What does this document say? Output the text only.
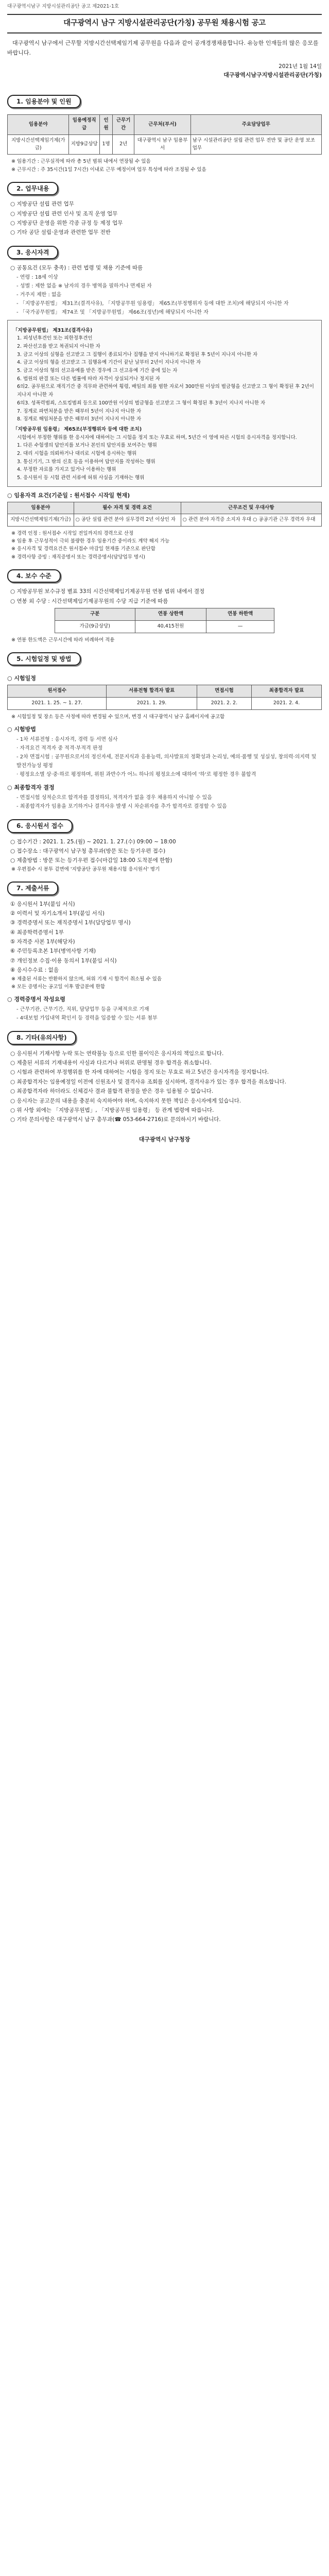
대구광역시남구 지방시설관리공단 공고 제2021-1호
대구광역시 남구 지방시설관리공단(가칭) 공무원 채용시험 공고
대구광역시 남구에서 근무할 지방시간선택제임기제 공무원을 다음과 같이 공개경쟁채용합니다. 유능한 인재들의 많은 응모를 바랍니다.
2021년 1월 14일
대구광역시남구지방시설관리공단(가칭)
1. 임용분야 및 인원
임용분야	임용예정직급	인원	근무기간	근무처(부서)	주요담당업무
지방시간선택제임기제(가급)	지방9급상당	1명	2년	대구광역시 남구 임용부서	남구 시설관리공단 설립 관련 업무 전반 및 공단 운영 보조 업무
※ 임용기간 : 근무실적에 따라 총 5년 범위 내에서 연장될 수 있음
※ 근무시간 : 주 35시간(1일 7시간) 이내로 근무 예정이며 업무 특성에 따라 조정될 수 있음
2. 업무내용
○ 지방공단 설립 관련 업무
○ 지방공단 설립 관련 인사 및 조직 운영 업무
○ 지방공단 운영을 위한 각종 규정 등 제정 업무
○ 기타 공단 설립·운영과 관련한 업무 전반
3. 응시자격
○ 공통요건 (모두 충족) : 관련 법령 및 채용 기준에 따름
- 연령 : 18세 이상
- 성별 : 제한 없음 ※ 남자의 경우 병역을 필하거나 면제된 자
- 거주지 제한 : 없음
- 「지방공무원법」 제31조(결격사유), 「지방공무원 임용령」 제65조(부정행위자 등에 대한 조치)에 해당되지 아니한 자
- 「국가공무원법」 제74조 및 「지방공무원법」 제66조(정년)에 해당되지 아니한 자
「지방공무원법」 제31조(결격사유)
1. 피성년후견인 또는 피한정후견인
2. 파산선고를 받고 복권되지 아니한 자
3. 금고 이상의 실형을 선고받고 그 집행이 종료되거나 집행을 받지 아니하기로 확정된 후 5년이 지나지 아니한 자
4. 금고 이상의 형을 선고받고 그 집행유예 기간이 끝난 날부터 2년이 지나지 아니한 자
5. 금고 이상의 형의 선고유예를 받은 경우에 그 선고유예 기간 중에 있는 자
6. 법원의 판결 또는 다른 법률에 따라 자격이 상실되거나 정지된 자
6의2. 공무원으로 재직기간 중 직무와 관련하여 횡령, 배임의 죄를 범한 자로서 300만원 이상의 벌금형을 선고받고 그 형이 확정된 후 2년이 지나지 아니한 자
6의3. 성폭력범죄, 스토킹범죄 등으로 100만원 이상의 벌금형을 선고받고 그 형이 확정된 후 3년이 지나지 아니한 자
7. 징계로 파면처분을 받은 때부터 5년이 지나지 아니한 자
8. 징계로 해임처분을 받은 때부터 3년이 지나지 아니한 자
「지방공무원 임용령」 제65조(부정행위자 등에 대한 조치)
시험에서 부정한 행위를 한 응시자에 대하여는 그 시험을 정지 또는 무효로 하며, 5년간 이 영에 따른 시험의 응시자격을 정지합니다.
1. 다른 수험생의 답안지를 보거나 본인의 답안지를 보여주는 행위
2. 대리 시험을 의뢰하거나 대리로 시험에 응시하는 행위
3. 통신기기, 그 밖의 신호 등을 이용하여 답안지를 작성하는 행위
4. 부정한 자료를 가지고 있거나 이용하는 행위
5. 응시원서 등 시험 관련 서류에 허위 사실을 기재하는 행위
○ 임용자격 요건(기준일 : 원서접수 시작일 현재)
임용분야	필수 자격 및 경력 요건	근무조건 및 우대사항
지방시간선택제임기제(가급)	○ 공단 설립 관련 분야 실무경력 2년 이상인 자	○ 관련 분야 자격증 소지자 우대 ○ 공공기관 근무 경력자 우대
※ 경력 인정 : 원서접수 시작일 전일까지의 경력으로 산정
※ 임용 후 근무성적이 극히 불량한 경우 임용기간 중이라도 계약 해지 가능
※ 응시자격 및 경력요건은 원서접수 마감일 현재를 기준으로 판단함
※ 경력사항 증빙 : 재직증명서 또는 경력증명서(담당업무 명시)
4. 보수 수준
○ 지방공무원 보수규정 별표 33의 시간선택제임기제공무원 연봉 범위 내에서 결정
○ 연봉 외 수당 : 시간선택제임기제공무원의 수당 지급 기준에 따름
구분	연봉 상한액	연봉 하한액
가급(9급상당)	40,415천원	—
※ 연봉 한도액은 근무시간에 따라 비례하여 적용
5. 시험일정 및 방법
○ 시험일정
원서접수	서류전형 합격자 발표	면접시험	최종합격자 발표
2021. 1. 25. ~ 1. 27.	2021. 1. 29.	2021. 2. 2.	2021. 2. 4.
※ 시험일정 및 장소 등은 사정에 따라 변경될 수 있으며, 변경 시 대구광역시 남구 홈페이지에 공고함
○ 시험방법
- 1차 서류전형 : 응시자격, 경력 등 서면 심사
· 자격요건 적격자 중 적격·부적격 판정
- 2차 면접시험 : 공무원으로서의 정신자세, 전문지식과 응용능력, 의사발표의 정확성과 논리성, 예의·품행 및 성실성, 창의력·의지력 및 발전가능성 평정
· 평정요소별 상·중·하로 평정하며, 위원 과반수가 어느 하나의 평정요소에 대하여 '하'로 평정한 경우 불합격
○ 최종합격자 결정
- 면접시험 성적순으로 합격자를 결정하되, 적격자가 없을 경우 채용하지 아니할 수 있음
- 최종합격자가 임용을 포기하거나 결격사유 발생 시 차순위자를 추가 합격자로 결정할 수 있음
6. 응시원서 접수
○ 접수기간 : 2021. 1. 25.(월) ~ 2021. 1. 27.(수) 09:00 ~ 18:00
○ 접수장소 : 대구광역시 남구청 총무과(방문 또는 등기우편 접수)
○ 제출방법 : 방문 또는 등기우편 접수(마감일 18:00 도착분에 한함)
※ 우편접수 시 봉투 겉면에 '지방공단 공무원 채용시험 응시원서' 명기
7. 제출서류
① 응시원서 1부(붙임 서식)
② 이력서 및 자기소개서 1부(붙임 서식)
③ 경력증명서 또는 재직증명서 1부(담당업무 명시)
④ 최종학력증명서 1부
⑤ 자격증 사본 1부(해당자)
⑥ 주민등록초본 1부(병역사항 기재)
⑦ 개인정보 수집·이용 동의서 1부(붙임 서식)
⑧ 응시수수료 : 없음
※ 제출된 서류는 반환하지 않으며, 허위 기재 시 합격이 취소될 수 있음
※ 모든 증명서는 공고일 이후 발급분에 한함
○ 경력증명서 작성요령
- 근무기관, 근무기간, 직위, 담당업무 등을 구체적으로 기재
- 4대보험 가입내역 확인서 등 경력을 입증할 수 있는 서류 첨부
8. 기타(유의사항)
○ 응시원서 기재사항 누락 또는 연락불능 등으로 인한 불이익은 응시자의 책임으로 합니다.
○ 제출된 서류의 기재내용이 사실과 다르거나 허위로 판명될 경우 합격을 취소합니다.
○ 시험과 관련하여 부정행위를 한 자에 대하여는 시험을 정지 또는 무효로 하고 5년간 응시자격을 정지합니다.
○ 최종합격자는 임용예정일 이전에 신원조사 및 결격사유 조회를 실시하며, 결격사유가 있는 경우 합격을 취소합니다.
○ 최종합격자라 하더라도 신체검사 결과 불합격 판정을 받은 경우 임용될 수 없습니다.
○ 응시자는 공고문의 내용을 충분히 숙지하여야 하며, 숙지하지 못한 책임은 응시자에게 있습니다.
○ 위 사항 외에는 「지방공무원법」, 「지방공무원 임용령」 등 관계 법령에 따릅니다.
○ 기타 문의사항은 대구광역시 남구 총무과(☎ 053-664-2716)로 문의하시기 바랍니다.
대구광역시 남구청장
